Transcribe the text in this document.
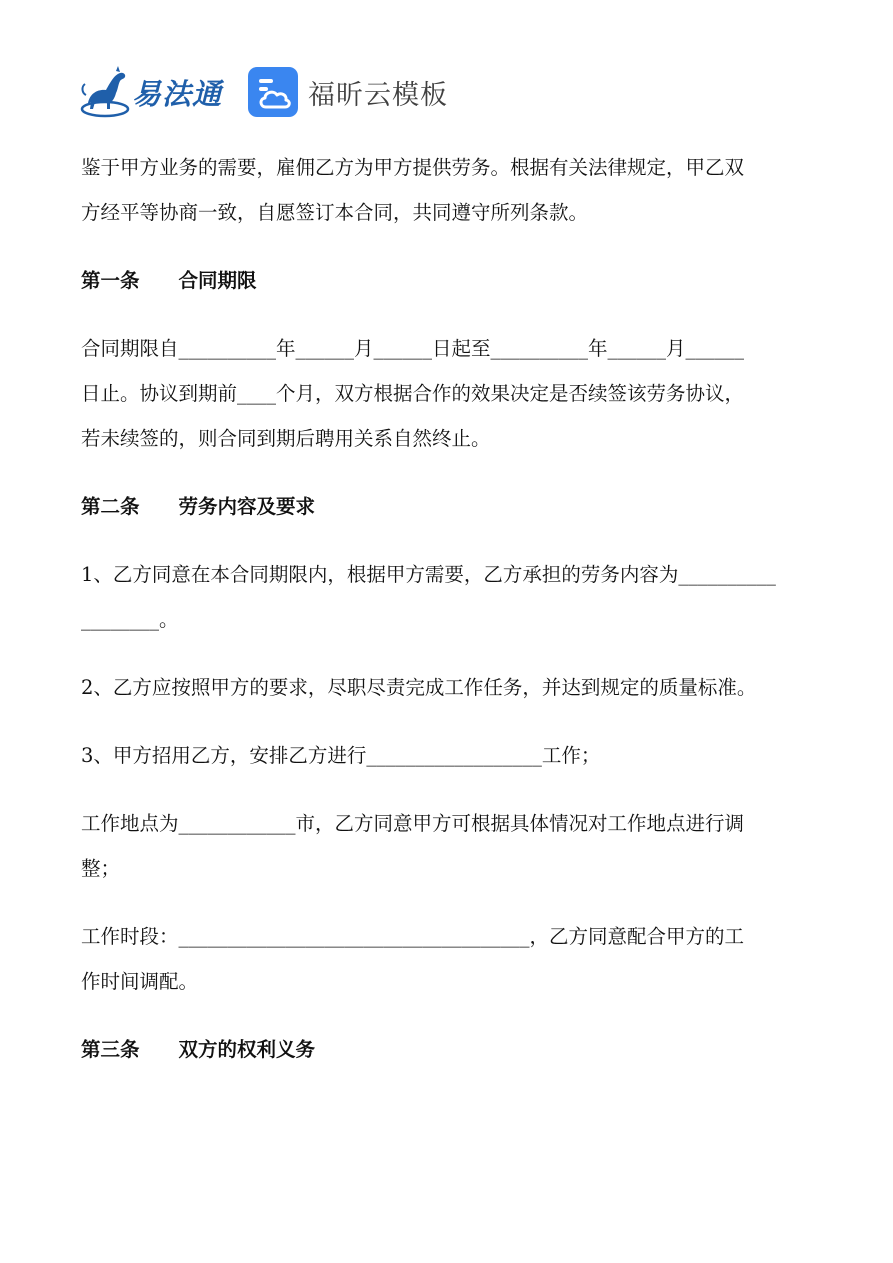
易法通	福昕云模板

鉴于甲方业务的需要，雇佣乙方为甲方提供劳务。根据有关法律规定，甲乙双

方经平等协商一致，自愿签订本合同，共同遵守所列条款。

第一条　　合同期限

合同期限自__________年______月______日起至__________年______月______

日止。协议到期前____个月，双方根据合作的效果决定是否续签该劳务协议，

若未续签的，则合同到期后聘用关系自然终止。

第二条　　劳务内容及要求

1、乙方同意在本合同期限内，根据甲方需要，乙方承担的劳务内容为__________

________。

2、乙方应按照甲方的要求，尽职尽责完成工作任务，并达到规定的质量标准。

3、甲方招用乙方，安排乙方进行__________________工作；

工作地点为____________市，乙方同意甲方可根据具体情况对工作地点进行调

整；

工作时段：____________________________________，乙方同意配合甲方的工

作时间调配。

第三条　　双方的权利义务
